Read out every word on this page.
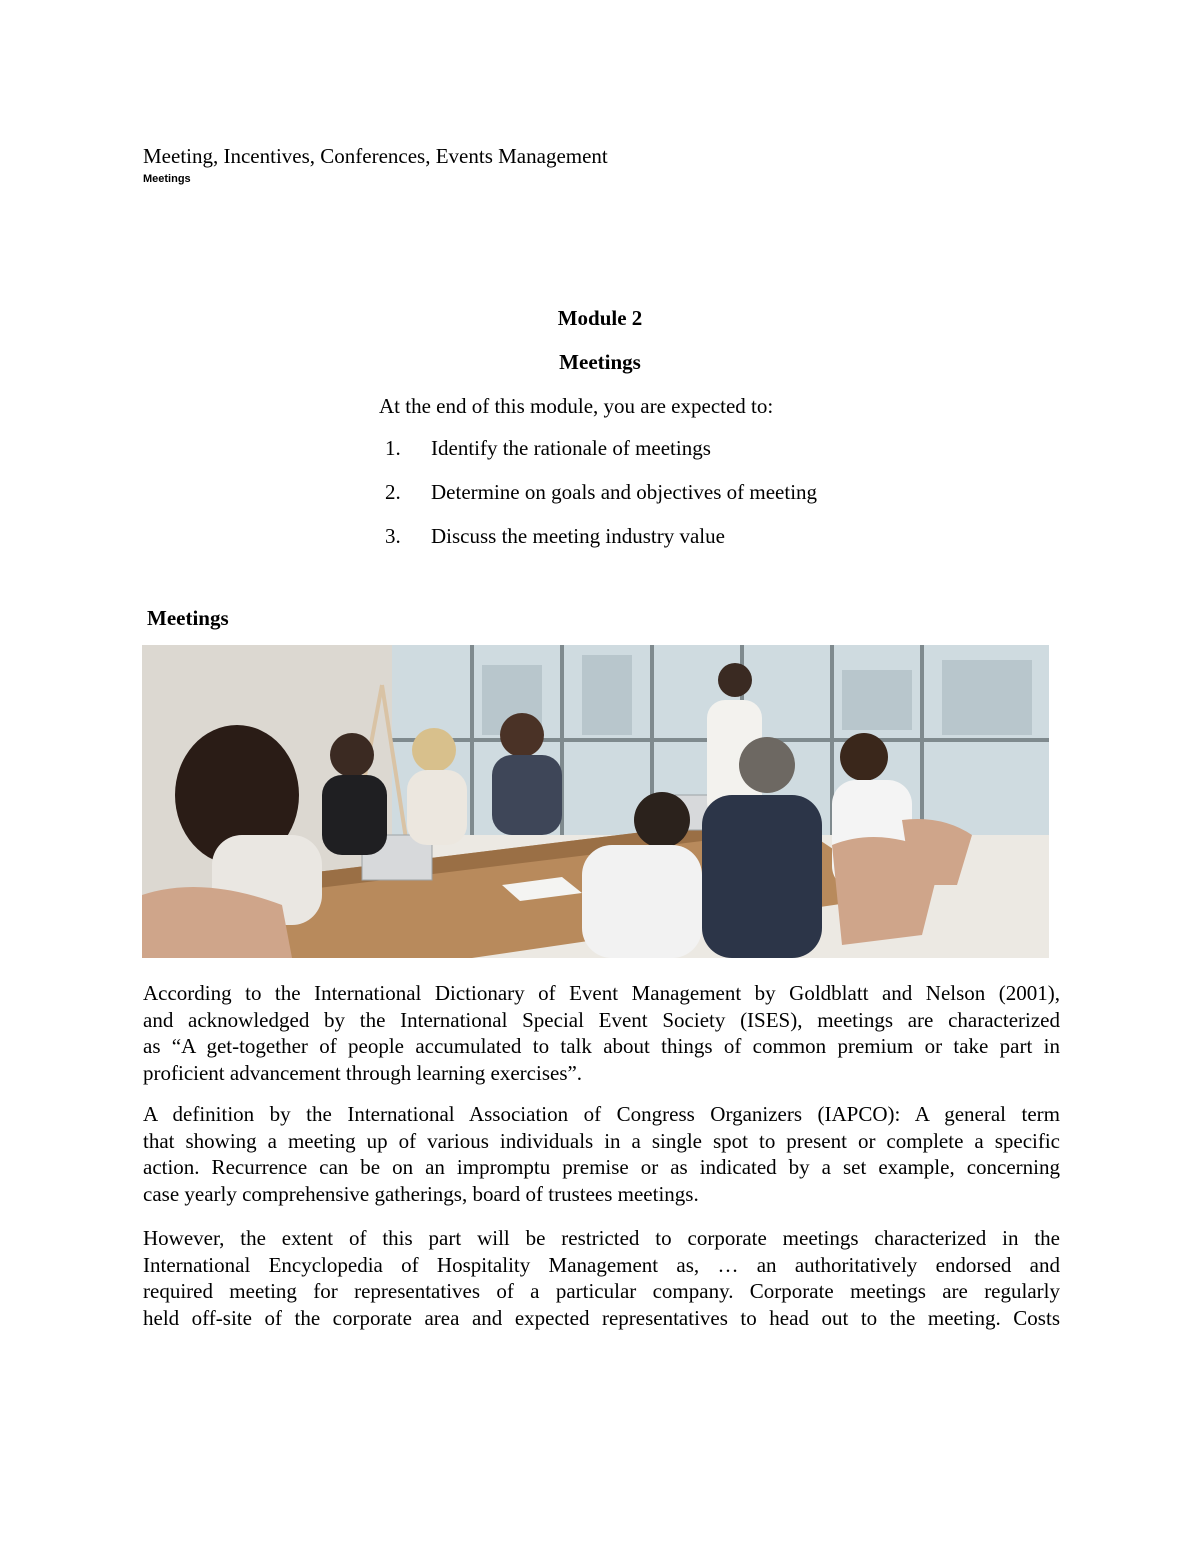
Meeting, Incentives, Conferences, Events Management
Meetings
Module 2
Meetings
At the end of this module, you are expected to:
1. Identify the rationale of meetings
2. Determine on goals and objectives of meeting
3. Discuss the meeting industry value
Meetings
According to the International Dictionary of Event Management by Goldblatt and Nelson (2001),
and acknowledged by the International Special Event Society (ISES), meetings are characterized
as “A get-together of people accumulated to talk about things of common premium or take part in
proficient advancement through learning exercises”.
A definition by the International Association of Congress Organizers (IAPCO): A general term
that showing a meeting up of various individuals in a single spot to present or complete a specific
action. Recurrence can be on an impromptu premise or as indicated by a set example, concerning
case yearly comprehensive gatherings, board of trustees meetings.
However, the extent of this part will be restricted to corporate meetings characterized in the
International Encyclopedia of Hospitality Management as, … an authoritatively endorsed and
required meeting for representatives of a particular company. Corporate meetings are regularly
held off-site of the corporate area and expected representatives to head out to the meeting. Costs
